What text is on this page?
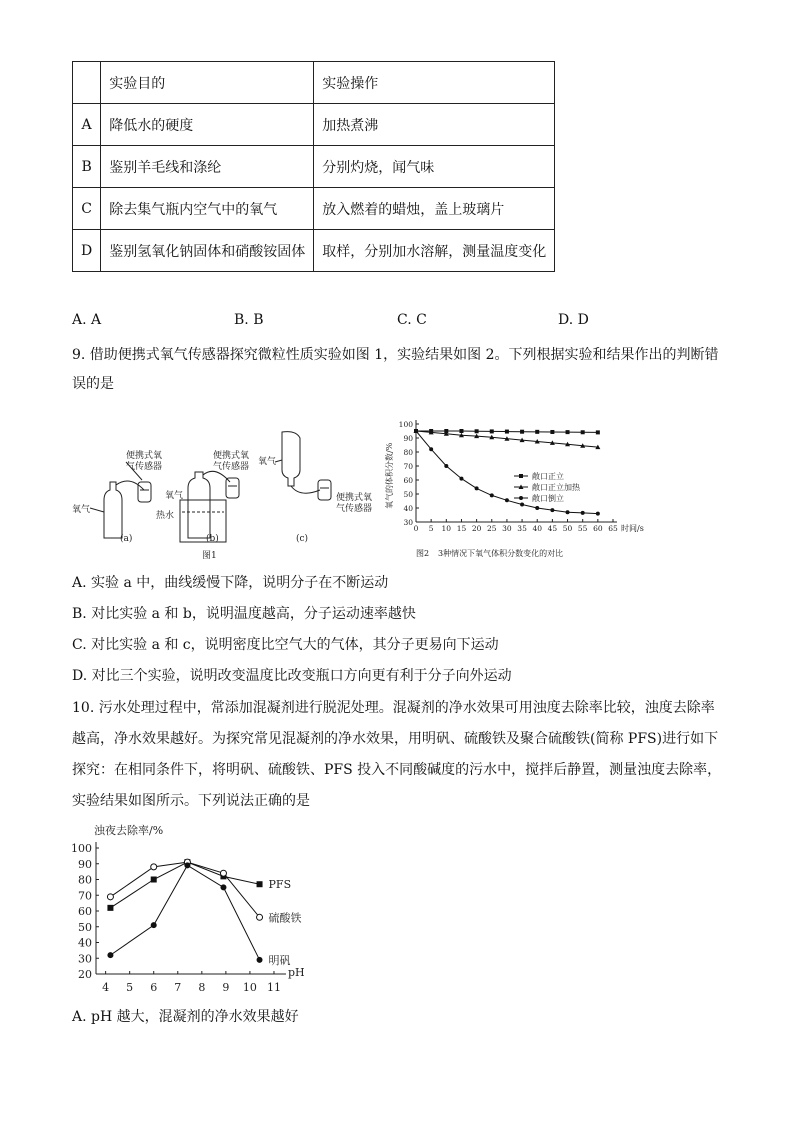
	实验目的	实验操作
A	降低水的硬度	加热煮沸
B	鉴别羊毛线和涤纶	分别灼烧，闻气味
C	除去集气瓶内空气中的氧气	放入燃着的蜡烛，盖上玻璃片
D	鉴别氢氧化钠固体和硝酸铵固体	取样，分别加水溶解，测量温度变化
A. A	B. B	C. C	D. D
9. 借助便携式氧气传感器探究微粒性质实验如图 1，实验结果如图 2。下列根据实验和结果作出的判断错
误的是
便携式氧
气传感器
氧气
便携式氧
气传感器
氧气
热水
氧气
便携式氧
气传感器
(a)	(b)	(c)
图1
氧气的体积分数/%
时间/s
图2 3种情况下氧气体积分数变化的对比
30
40
50
60
70
80
90
100
0 5 10 15 20 25 30 35 40 45 50 55 60 65
敞口正立
敞口正立加热
敞口倒立
A. 实验 a 中，曲线缓慢下降，说明分子在不断运动
B. 对比实验 a 和 b，说明温度越高，分子运动速率越快
C. 对比实验 a 和 c，说明密度比空气大的气体，其分子更易向下运动
D. 对比三个实验，说明改变温度比改变瓶口方向更有利于分子向外运动
10. 污水处理过程中，常添加混凝剂进行脱泥处理。混凝剂的净水效果可用浊度去除率比较，浊度去除率
越高，净水效果越好。为探究常见混凝剂的净水效果，用明矾、硫酸铁及聚合硫酸铁(简称 PFS)进行如下
探究：在相同条件下，将明矾、硫酸铁、PFS 投入不同酸碱度的污水中，搅拌后静置，测量浊度去除率，
实验结果如图所示。下列说法正确的是
浊夜去除率/%
pH
20
30
40
50
60
70
80
90
100
4 5 6 7 8 9 10 11
PFS
硫酸铁
明矾
A. pH 越大，混凝剂的净水效果越好
